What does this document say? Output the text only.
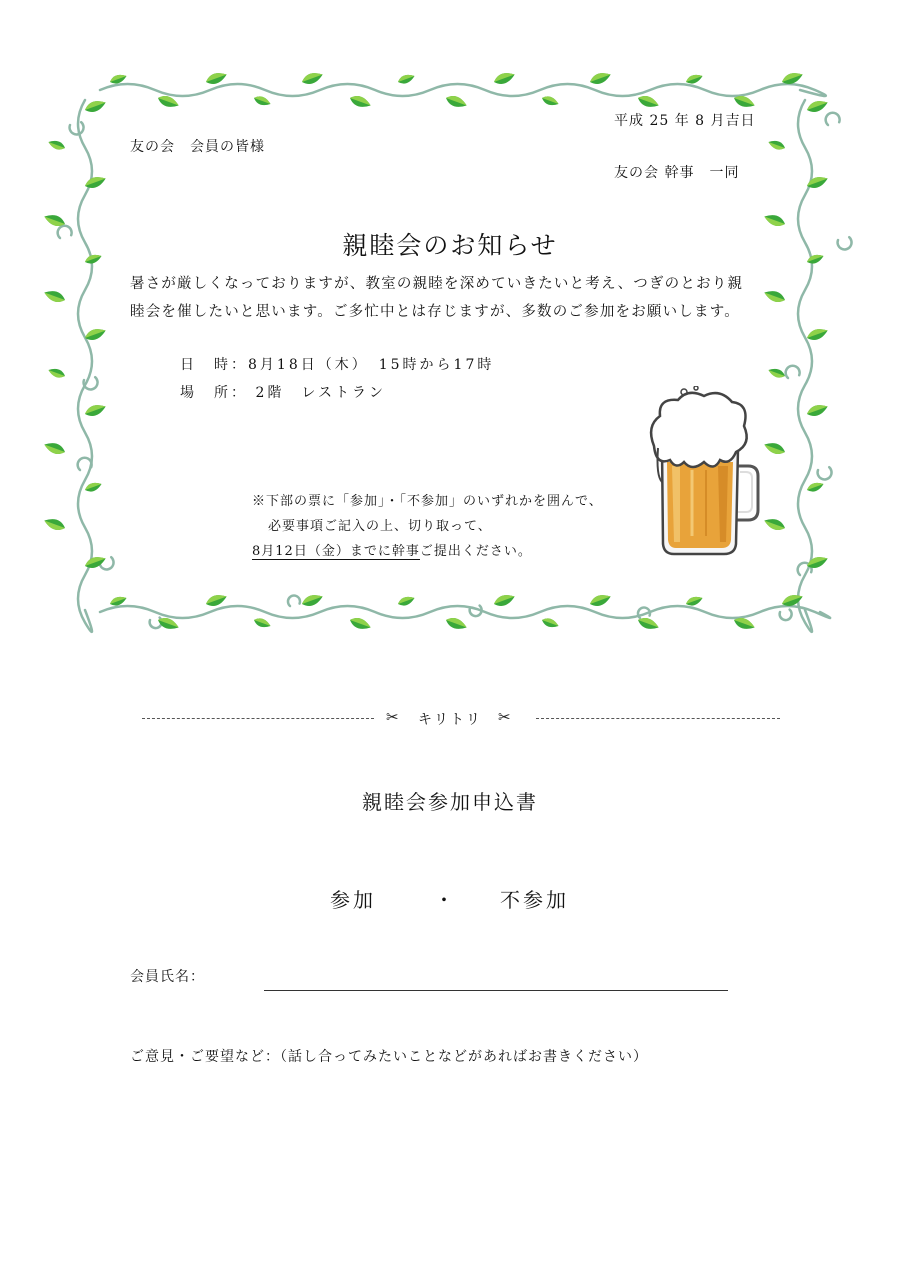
平成 25 年 8 月吉日
友の会　会員の皆様
友の会 幹事　一同
親睦会のお知らせ
暑さが厳しくなっておりますが、教室の親睦を深めていきたいと考え、つぎのとおり親
睦会を催したいと思います。ご多忙中とは存じますが、多数のご参加をお願いします。
日　時：8月18日（木）　15時から17時
場　所： 2階　レストラン
※下部の票に「参加」・「不参加」のいずれかを囲んで、
必要事項ご記入の上、切り取って、
8月12日（金）までに幹事ご提出ください。
✂ キリトリ ✂
親睦会参加申込書
参加	・ 不参加
会員氏名：
ご意見・ご要望など：（話し合ってみたいことなどがあればお書きください）
